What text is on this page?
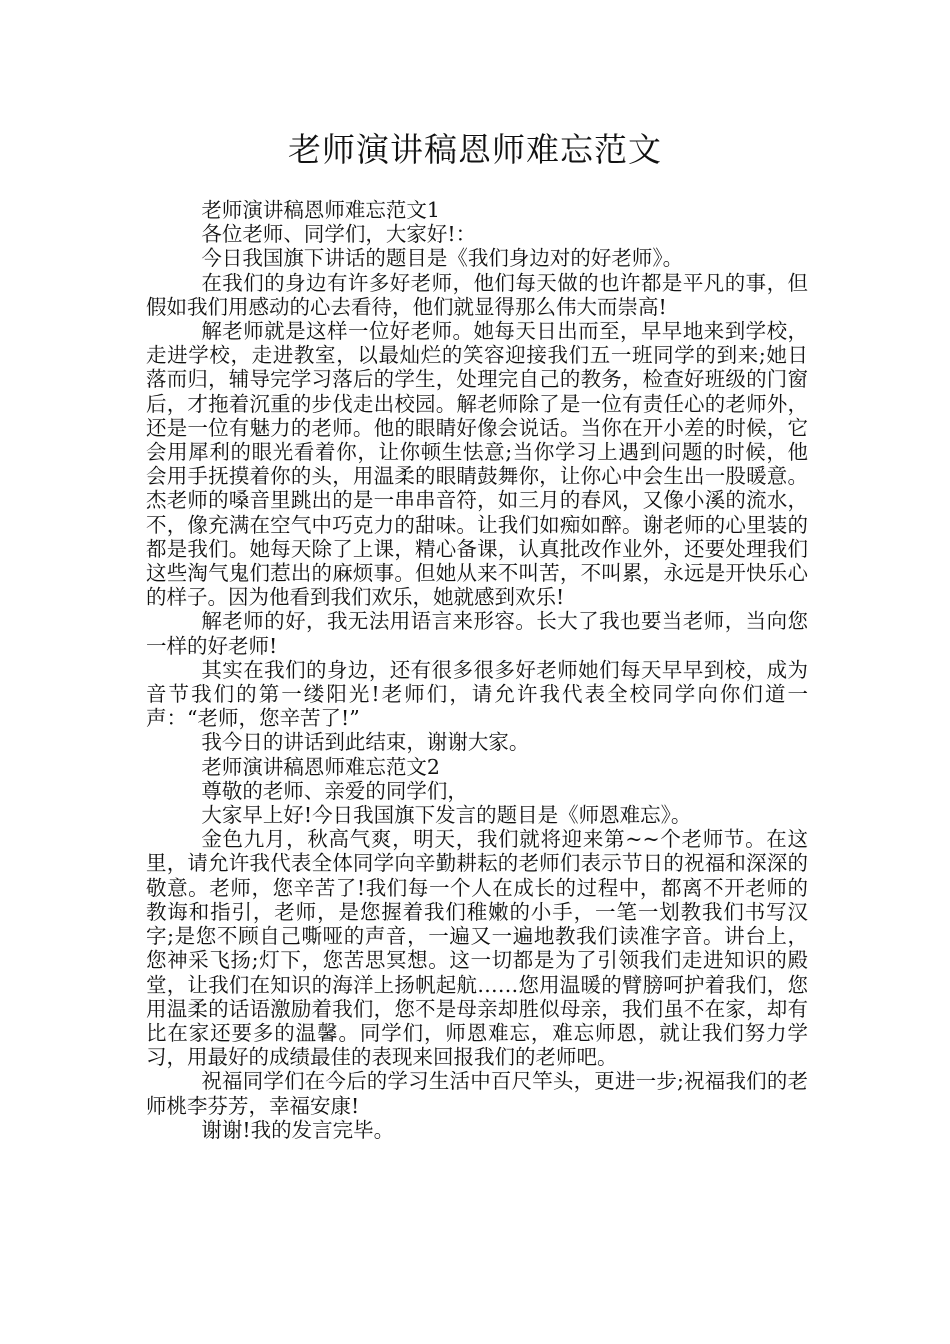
老师演讲稿恩师难忘范文

老师演讲稿恩师难忘范文1

各位老师、同学们，大家好!：

今日我国旗下讲话的题目是《我们身边对的好老师》。

在我们的身边有许多好老师，他们每天做的也许都是平凡的事，但假如我们用感动的心去看待，他们就显得那么伟大而崇高!

解老师就是这样一位好老师。她每天日出而至，早早地来到学校，走进学校，走进教室，以最灿烂的笑容迎接我们五一班同学的到来;她日落而归，辅导完学习落后的学生，处理完自己的教务，检查好班级的门窗后，才拖着沉重的步伐走出校园。解老师除了是一位有责任心的老师外，还是一位有魅力的老师。他的眼睛好像会说话。当你在开小差的时候，它会用犀利的眼光看着你，让你顿生怯意;当你学习上遇到问题的时候，他会用手抚摸着你的头，用温柔的眼睛鼓舞你，让你心中会生出一股暖意。杰老师的嗓音里跳出的是一串串音符，如三月的春风，又像小溪的流水，不，像充满在空气中巧克力的甜味。让我们如痴如醉。谢老师的心里装的都是我们。她每天除了上课，精心备课，认真批改作业外，还要处理我们这些淘气鬼们惹出的麻烦事。但她从来不叫苦，不叫累，永远是开快乐心的样子。因为他看到我们欢乐，她就感到欢乐!

解老师的好，我无法用语言来形容。长大了我也要当老师，当向您一样的好老师!

其实在我们的身边，还有很多很多好老师她们每天早早到校，成为音节我们的第一缕阳光!老师们，请允许我代表全校同学向你们道一声：“老师，您辛苦了!”

我今日的讲话到此结束，谢谢大家。

老师演讲稿恩师难忘范文2

尊敬的老师、亲爱的同学们，

大家早上好!今日我国旗下发言的题目是《师恩难忘》。

金色九月，秋高气爽，明天，我们就将迎来第~~个老师节。在这里，请允许我代表全体同学向辛勤耕耘的老师们表示节日的祝福和深深的敬意。老师，您辛苦了!我们每一个人在成长的过程中，都离不开老师的教诲和指引，老师，是您握着我们稚嫩的小手，一笔一划教我们书写汉字;是您不顾自己嘶哑的声音，一遍又一遍地教我们读准字音。讲台上，您神采飞扬;灯下，您苦思冥想。这一切都是为了引领我们走进知识的殿堂，让我们在知识的海洋上扬帆起航……您用温暖的臂膀呵护着我们，您用温柔的话语激励着我们，您不是母亲却胜似母亲，我们虽不在家，却有比在家还要多的温馨。同学们，师恩难忘，难忘师恩，就让我们努力学习，用最好的成绩最佳的表现来回报我们的老师吧。

祝福同学们在今后的学习生活中百尺竿头，更进一步;祝福我们的老师桃李芬芳，幸福安康!

谢谢!我的发言完毕。
